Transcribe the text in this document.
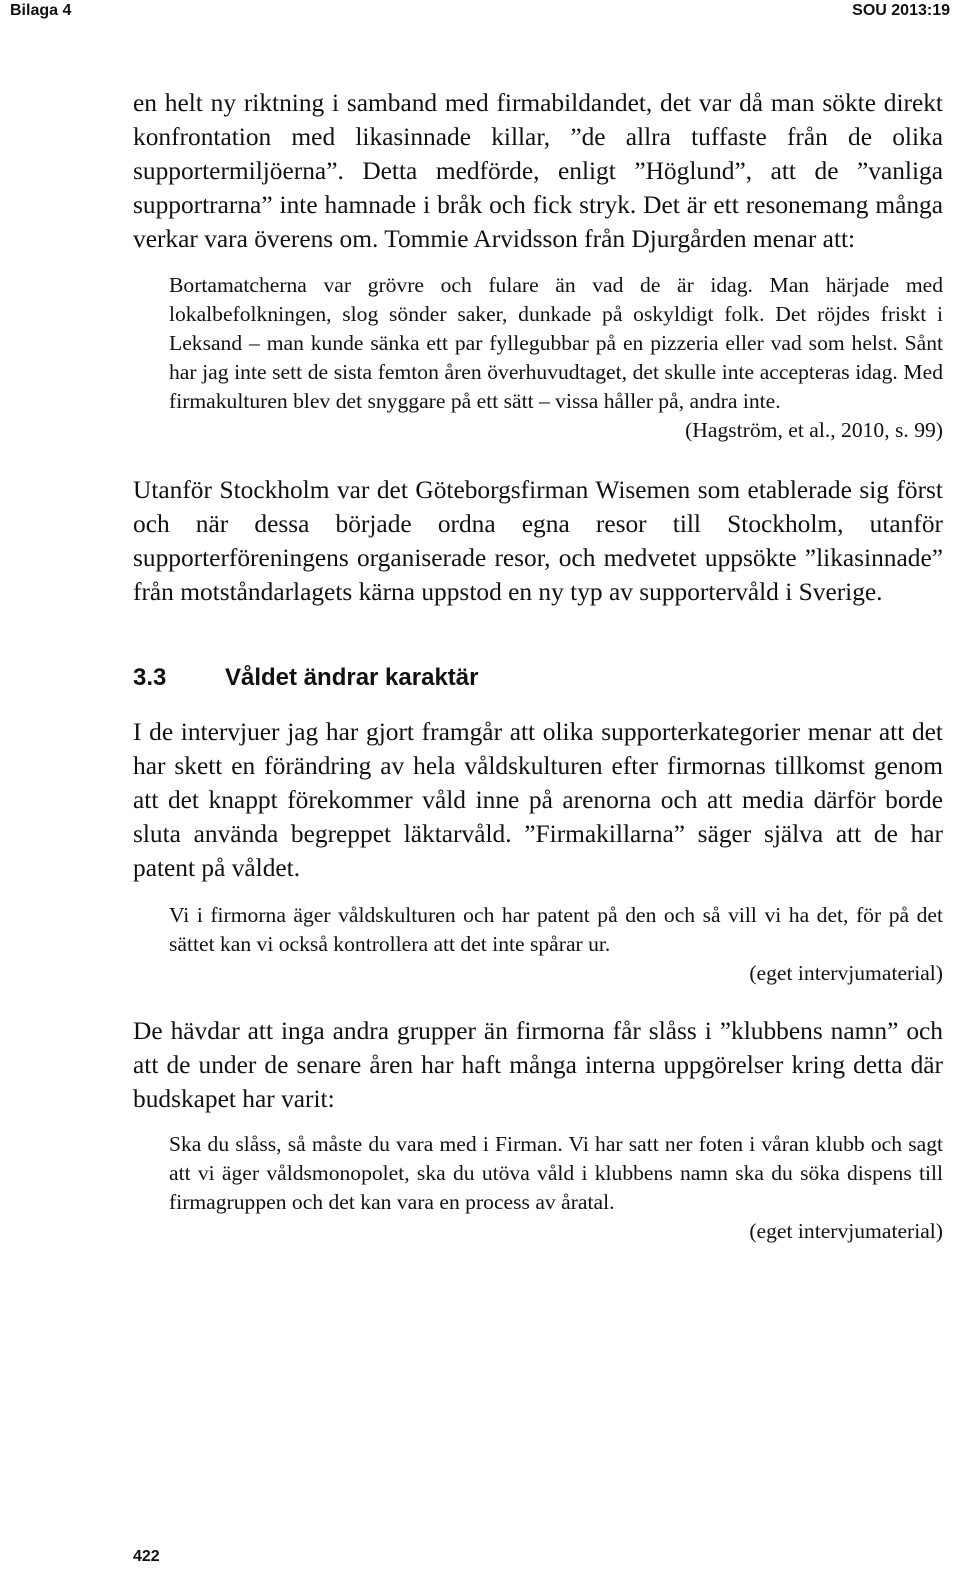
Bilaga 4	SOU 2013:19

en helt ny riktning i samband med firmabildandet, det var då man sökte direkt konfrontation med likasinnade killar, ”de allra tuffaste från de olika supportermiljöerna”. Detta medförde, enligt ”Höglund”, att de ”vanliga supportrarna” inte hamnade i bråk och fick stryk. Det är ett resonemang många verkar vara överens om. Tommie Arvidsson från Djurgården menar att:

Bortamatcherna var grövre och fulare än vad de är idag. Man härjade med lokalbefolkningen, slog sönder saker, dunkade på oskyldigt folk. Det röjdes friskt i Leksand – man kunde sänka ett par fyllegubbar på en pizzeria eller vad som helst. Sånt har jag inte sett de sista femton åren överhuvudtaget, det skulle inte accepteras idag. Med firmakulturen blev det snyggare på ett sätt – vissa håller på, andra inte.

(Hagström, et al., 2010, s. 99)

Utanför Stockholm var det Göteborgsfirman Wisemen som etablerade sig först och när dessa började ordna egna resor till Stockholm, utanför supporterföreningens organiserade resor, och medvetet uppsökte ”likasinnade” från motståndarlagets kärna uppstod en ny typ av supportervåld i Sverige.

3.3 Våldet ändrar karaktär

I de intervjuer jag har gjort framgår att olika supporterkategorier menar att det har skett en förändring av hela våldskulturen efter firmornas tillkomst genom att det knappt förekommer våld inne på arenorna och att media därför borde sluta använda begreppet läktarvåld. ”Firmakillarna” säger själva att de har patent på våldet.

Vi i firmorna äger våldskulturen och har patent på den och så vill vi ha det, för på det sättet kan vi också kontrollera att det inte spårar ur.

(eget intervjumaterial)

De hävdar att inga andra grupper än firmorna får slåss i ”klubbens namn” och att de under de senare åren har haft många interna uppgörelser kring detta där budskapet har varit:

Ska du slåss, så måste du vara med i Firman. Vi har satt ner foten i våran klubb och sagt att vi äger våldsmonopolet, ska du utöva våld i klubbens namn ska du söka dispens till firmagruppen och det kan vara en process av åratal.

(eget intervjumaterial)

422
